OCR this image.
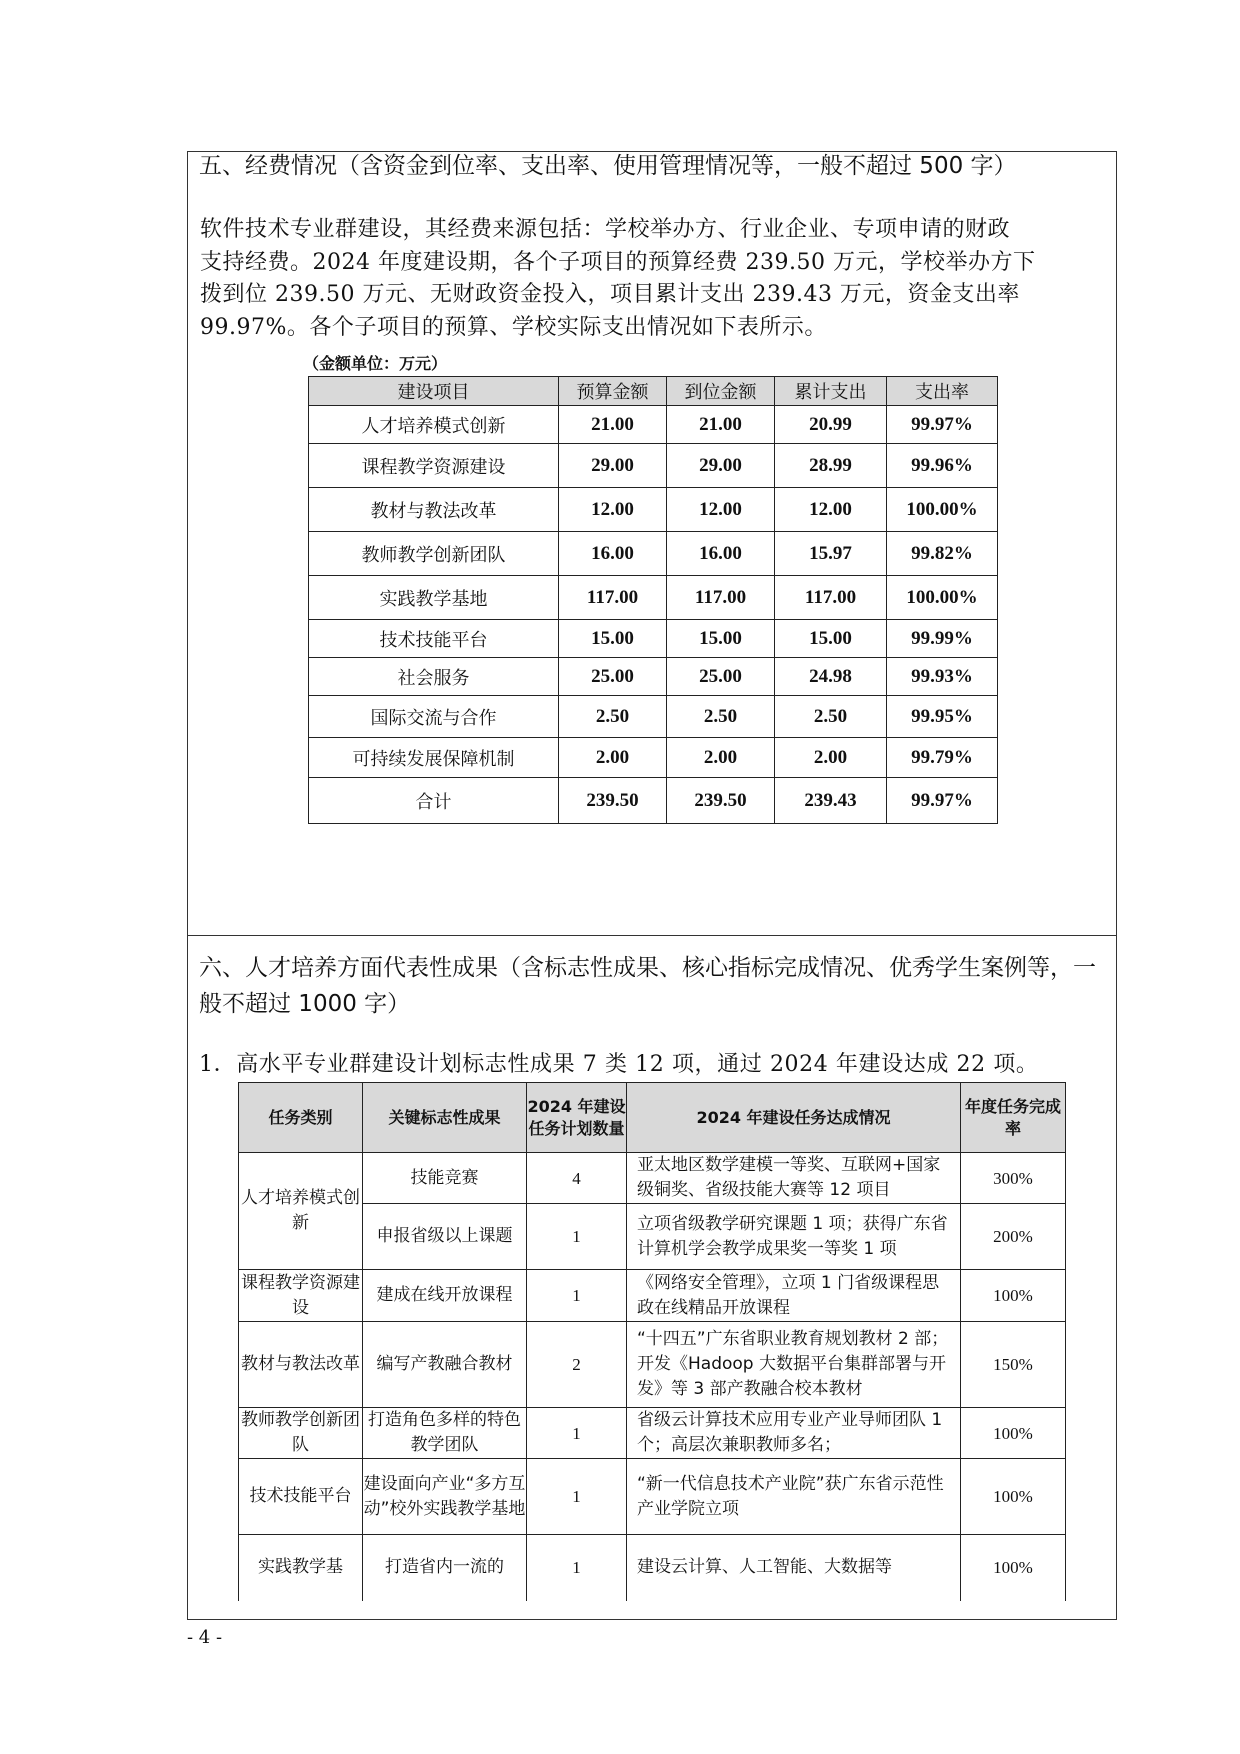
五、经费情况（含资金到位率、支出率、使用管理情况等，一般不超过 500 字）
软件技术专业群建设，其经费来源包括：学校举办方、行业企业、专项申请的财政
支持经费。2024 年度建设期，各个子项目的预算经费 239.50 万元，学校举办方下
拨到位 239.50 万元、无财政资金投入，项目累计支出 239.43 万元，资金支出率
99.97%。各个子项目的预算、学校实际支出情况如下表所示。
（金额单位：万元）
建设项目	预算金额	到位金额	累计支出	支出率
人才培养模式创新	21.00	21.00	20.99	99.97%
课程教学资源建设	29.00	29.00	28.99	99.96%
教材与教法改革	12.00	12.00	12.00	100.00%
教师教学创新团队	16.00	16.00	15.97	99.82%
实践教学基地	117.00	117.00	117.00	100.00%
技术技能平台	15.00	15.00	15.00	99.99%
社会服务	25.00	25.00	24.98	99.93%
国际交流与合作	2.50	2.50	2.50	99.95%
可持续发展保障机制	2.00	2.00	2.00	99.79%
合计	239.50	239.50	239.43	99.97%
六、人才培养方面代表性成果（含标志性成果、核心指标完成情况、优秀学生案例等，一般不超过 1000 字）
1．高水平专业群建设计划标志性成果 7 类 12 项，通过 2024 年建设达成 22 项。
任务类别	关键标志性成果	2024 年建设任务计划数量	2024 年建设任务达成情况	年度任务完成率
人才培养模式创新	技能竞赛	4	亚太地区数学建模一等奖、互联网+国家级铜奖、省级技能大赛等 12 项目	300%
	申报省级以上课题	1	立项省级教学研究课题 1 项；获得广东省计算机学会教学成果奖一等奖 1 项	200%
课程教学资源建设	建成在线开放课程	1	《网络安全管理》，立项 1 门省级课程思政在线精品开放课程	100%
教材与教法改革	编写产教融合教材	2	“十四五”广东省职业教育规划教材 2 部；开发《Hadoop 大数据平台集群部署与开发》等 3 部产教融合校本教材	150%
教师教学创新团队	打造角色多样的特色教学团队	1	省级云计算技术应用专业产业导师团队 1 个；高层次兼职教师多名；	100%
技术技能平台	建设面向产业“多方互动”校外实践教学基地	1	“新一代信息技术产业院”获广东省示范性产业学院立项	100%
实践教学基	打造省内一流的	1	建设云计算、人工智能、大数据等	100%
- 4 -
